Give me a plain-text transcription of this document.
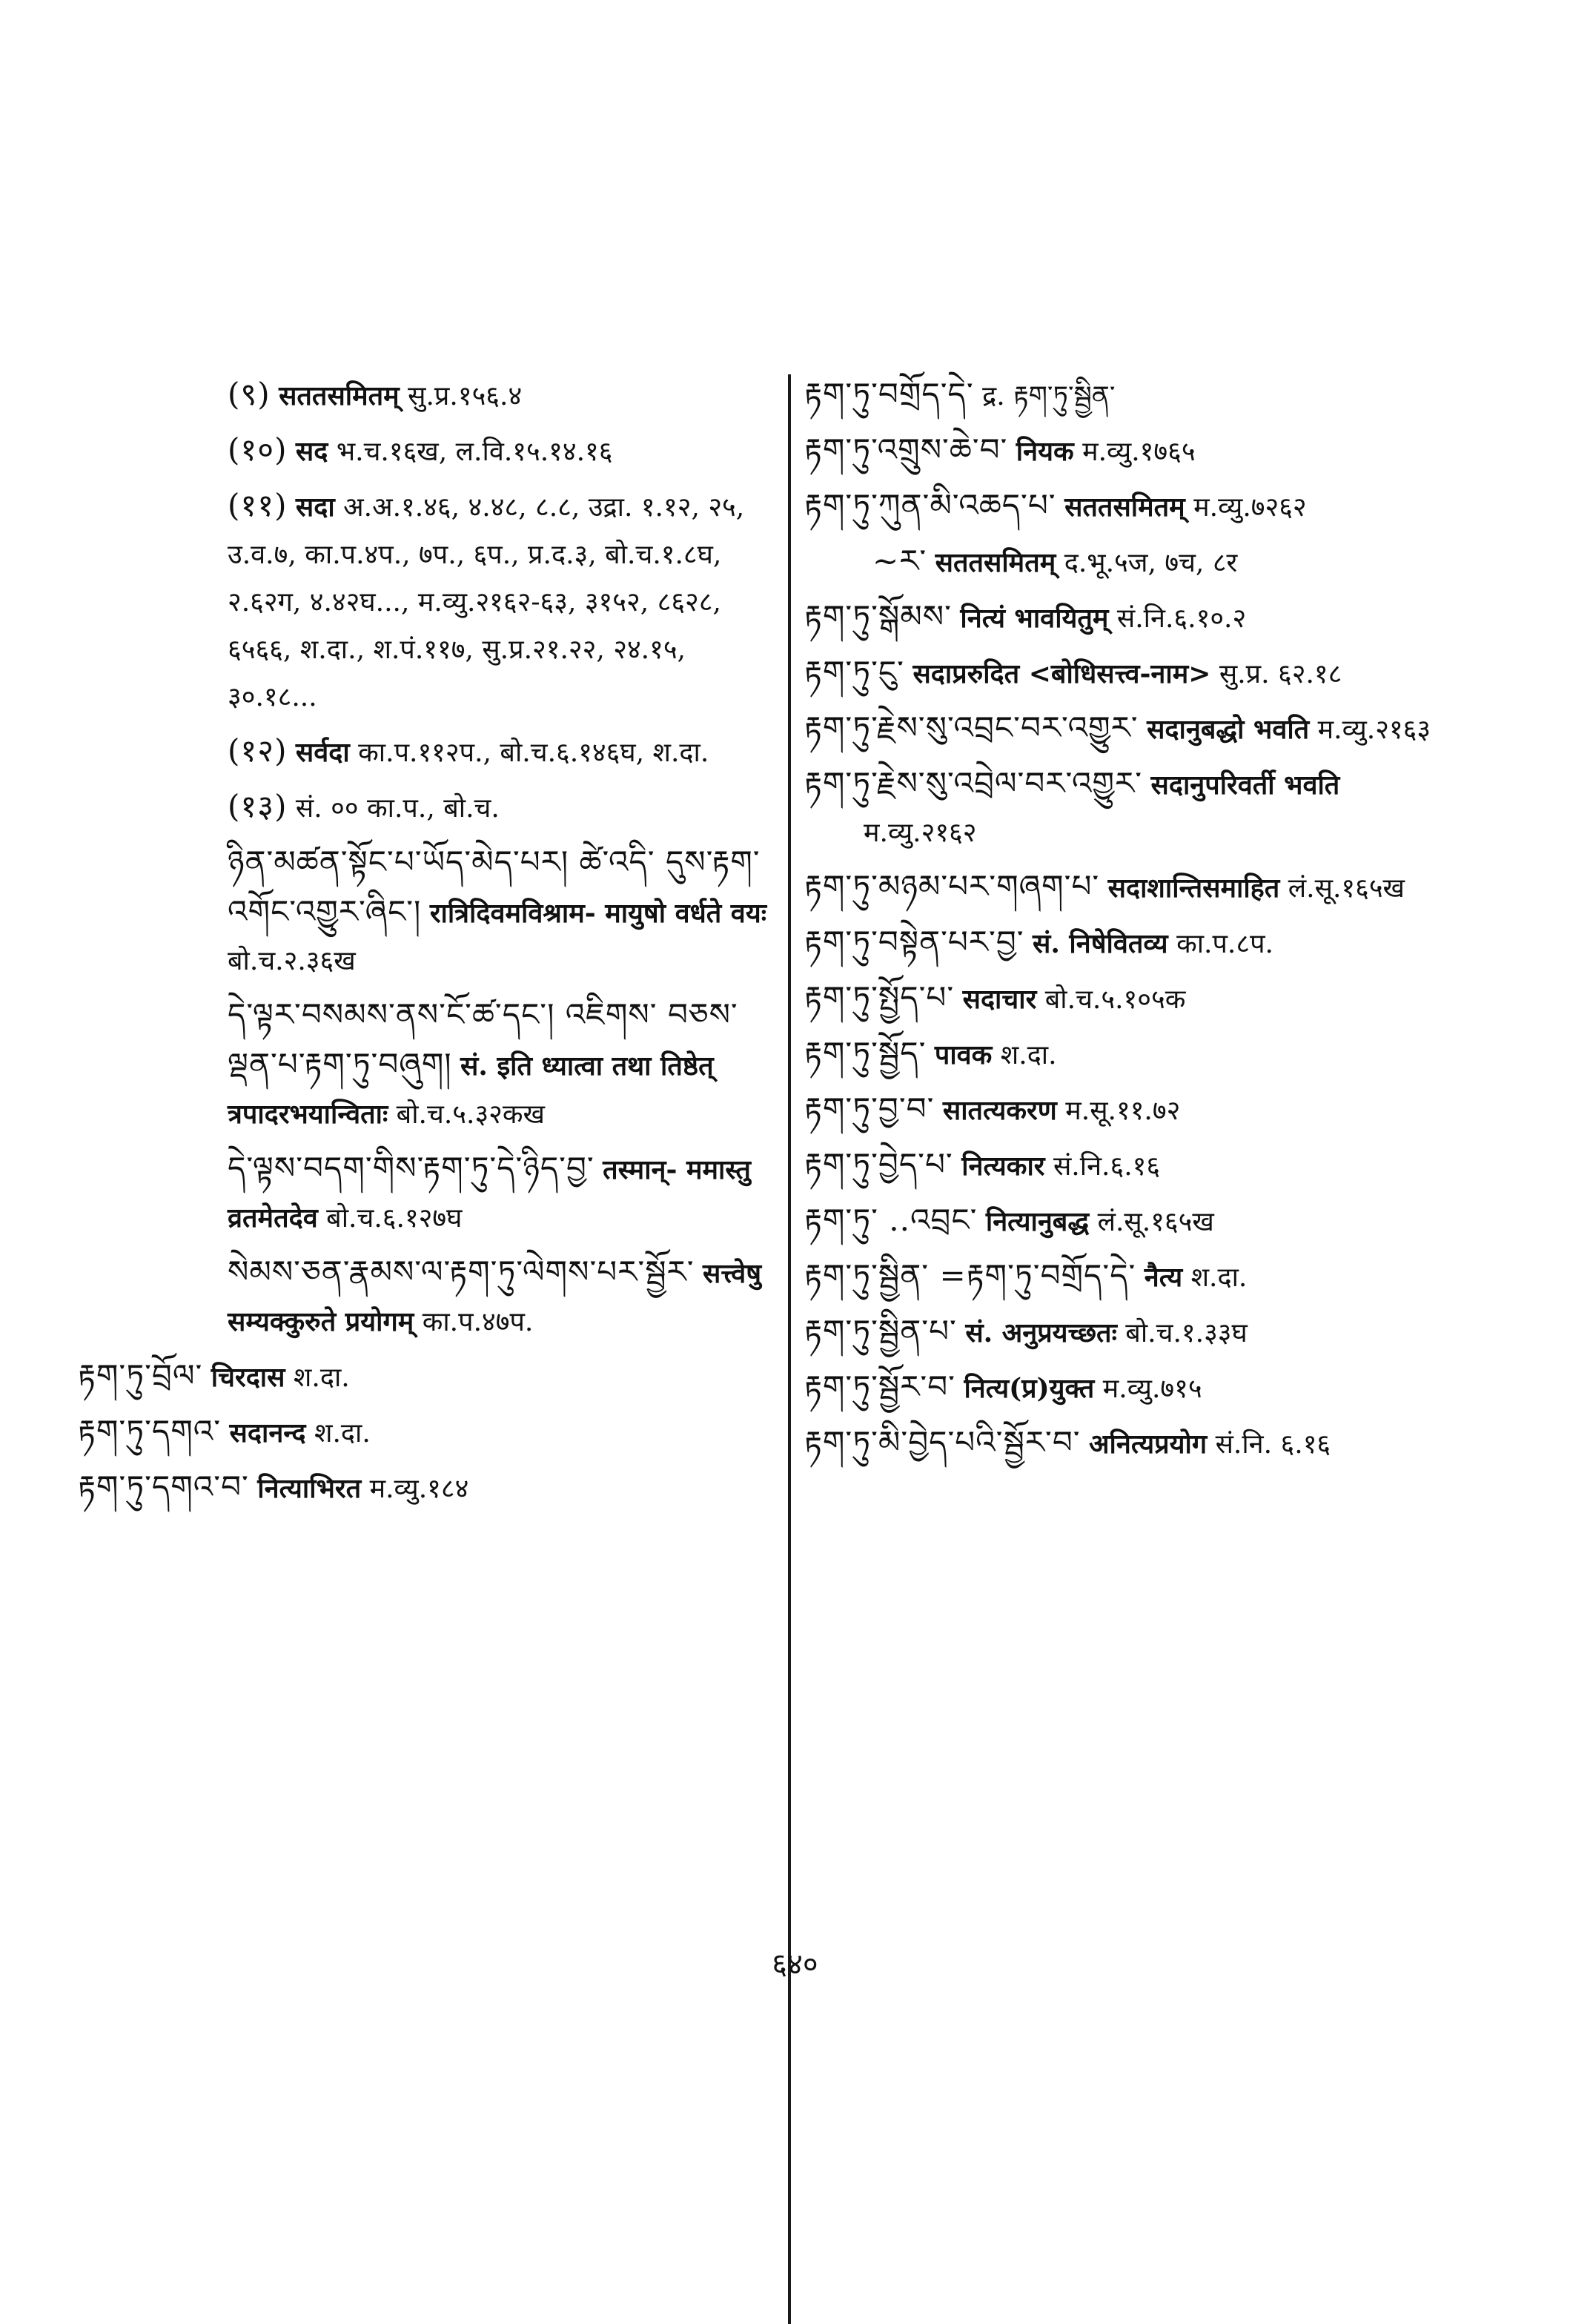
(९) सततसमितम् सु.प्र.१५६.४
(१०) सद भ.च.१६ख, ल.वि.१५.१४.१६
(११) सदा अ.अ.१.४६, ४.४८, ८.८, उद्रा. १.१२, २५, उ.व.७, का.प.४प., ७प., ६प., प्र.द.३, बो.च.१.८घ, २.६२ग, ४.४२घ..., म.व्यु.२१६२-६३, ३१५२, ८६२८, ६५६६, श.दा., श.पं.११७, सु.प्र.२१.२२, २४.१५, ३०.१८...
(१२) सर्वदा का.प.११२प., बो.च.६.१४६घ, श.दा.
(१३) सं. ०० का.प., बो.च.
ཉིན་མཚན་སྟོང་པ་ཡོད་མེད་པར། ཚེ་འདི་ དུས་རྟག་འགོང་འགྱུར་ཞིང་། रात्रिदिवमविश्राम- मायुषो वर्धते वयः बो.च.२.३६ख
དེ་ལྟར་བསམས་ནས་ངོ་ཚ་དང་། འཇིགས་ བཅས་ལྡན་པ་རྟག་ཏུ་བཞུག། सं. इति ध्यात्वा तथा तिष्ठेत् त्रपादरभयान्विताः बो.च.५.३२कख
དེ་ལྟས་བདག་གིས་རྟག་ཏུ་དེ་ཉིད་བྱ་ तस्मान्- ममास्तु व्रतमेतदेव बो.च.६.१२७घ
སེམས་ཅན་རྣམས་ལ་རྟག་ཏུ་ལེགས་པར་སྦྱོར་ सत्त्वेषु सम्यक्कुरुते प्रयोगम् का.प.४७प.
རྟག་ཏུ་བྲོལ་ चिरदास श.दा.
རྟག་ཏུ་དགའ་ सदानन्द श.दा.
རྟག་ཏུ་དགའ་བ་ नित्याभिरत म.व्यु.१८४
རྟག་ཏུ་བགྲོད་དེ་ द्र. རྟག་ཏུ་སྦྱིན་
རྟག་ཏུ་འགྲུས་ཆེ་བ་ नियक म.व्यु.१७६५
རྟག་ཏུ་ཀུན་མི་འཆད་པ་ सततसमितम् म.व्यु.७२६२
~ར་ सततसमितम् द.भू.५ज, ७च, ८र
རྟག་ཏུ་སྒོམས་ नित्यं भावयितुम् सं.नि.६.१०.२
རྟག་ཏུ་ངུ་ सदाप्ररुदित <बोधिसत्त्व-नाम> सु.प्र. ६२.१८
རྟག་ཏུ་རྗེས་སུ་འབྲང་བར་འགྱུར་ सदानुबद्धो भवति म.व्यु.२१६३
རྟག་ཏུ་རྗེས་སུ་འབྲེལ་བར་འགྱུར་ सदानुपरिवर्ती भवति म.व्यु.२१६२
རྟག་ཏུ་མཉམ་པར་གཞག་པ་ सदाशान्तिसमाहित लं.सू.१६५ख
རྟག་ཏུ་བསྟེན་པར་བྱ་ सं. निषेवितव्य का.प.८प.
རྟག་ཏུ་སྤྱོད་པ་ सदाचार बो.च.५.१०५क
རྟག་ཏུ་སྦྱོད་ पावक श.दा.
རྟག་ཏུ་བྱ་བ་ सातत्यकरण म.सू.११.७२
རྟག་ཏུ་བྱེད་པ་ नित्यकार सं.नि.६.१६
རྟག་ཏུ་ ..འབྲང་ नित्यानुबद्ध लं.सू.१६५ख
རྟག་ཏུ་སྦྱིན་ =རྟག་ཏུ་བགྲོད་དེ་ नैत्य श.दा.
རྟག་ཏུ་སྦྱིན་པ་ सं. अनुप्रयच्छतः बो.च.१.३३घ
རྟག་ཏུ་སྦྱོར་བ་ नित्य(प्र)युक्त म.व्यु.७१५
རྟག་ཏུ་མི་བྱེད་པའི་སྦྱོར་བ་ अनित्यप्रयोग सं.नि. ६.१६
६४०
